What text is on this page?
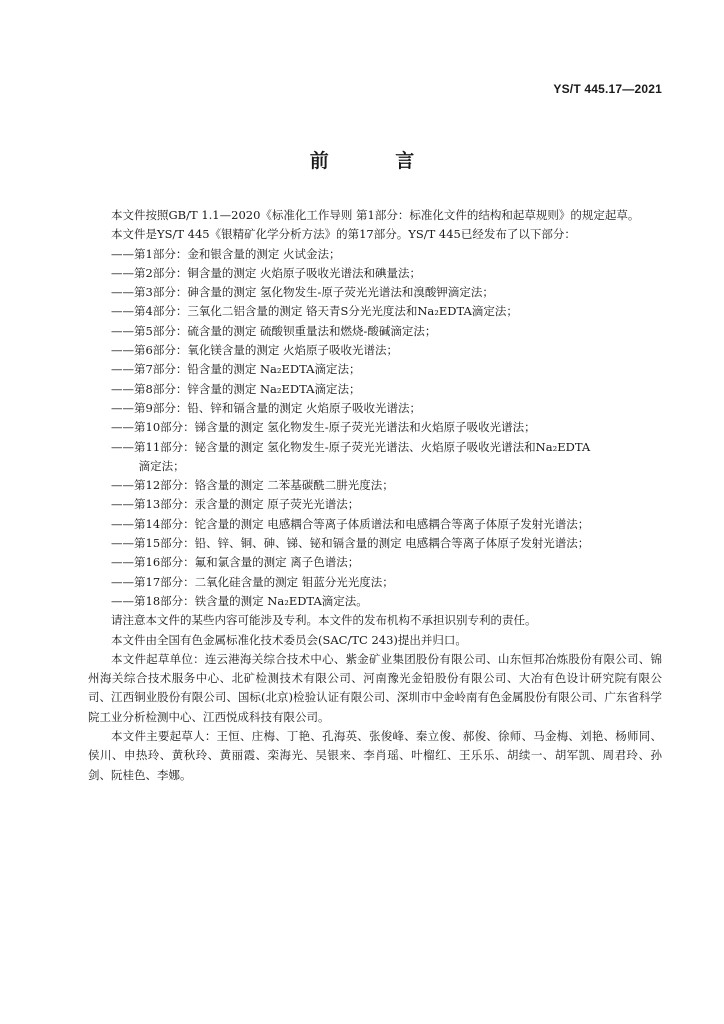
YS/T 445.17—2021
前 言

本文件按照GB/T 1.1—2020《标准化工作导则 第1部分：标准化文件的结构和起草规则》的规定起草。

本文件是YS/T 445《银精矿化学分析方法》的第17部分。YS/T 445已经发布了以下部分：

——第1部分：金和银含量的测定 火试金法；

——第2部分：铜含量的测定 火焰原子吸收光谱法和碘量法；

——第3部分：砷含量的测定 氢化物发生-原子荧光光谱法和溴酸钾滴定法；

——第4部分：三氧化二铝含量的测定 铬天青S分光光度法和Na₂EDTA滴定法；

——第5部分：硫含量的测定 硫酸钡重量法和燃烧-酸碱滴定法；

——第6部分：氧化镁含量的测定 火焰原子吸收光谱法；

——第7部分：铅含量的测定 Na₂EDTA滴定法；

——第8部分：锌含量的测定 Na₂EDTA滴定法；

——第9部分：铅、锌和镉含量的测定 火焰原子吸收光谱法；

——第10部分：锑含量的测定 氢化物发生-原子荧光光谱法和火焰原子吸收光谱法；

——第11部分：铋含量的测定 氢化物发生-原子荧光光谱法、火焰原子吸收光谱法和Na₂EDTA

滴定法；

——第12部分：铬含量的测定 二苯基碳酰二肼光度法；

——第13部分：汞含量的测定 原子荧光光谱法；

——第14部分：铊含量的测定 电感耦合等离子体质谱法和电感耦合等离子体原子发射光谱法；

——第15部分：铅、锌、铜、砷、锑、铋和镉含量的测定 电感耦合等离子体原子发射光谱法；

——第16部分：氟和氯含量的测定 离子色谱法；

——第17部分：二氧化硅含量的测定 钼蓝分光光度法；

——第18部分：铁含量的测定 Na₂EDTA滴定法。

请注意本文件的某些内容可能涉及专利。本文件的发布机构不承担识别专利的责任。

本文件由全国有色金属标准化技术委员会(SAC/TC 243)提出并归口。

本文件起草单位：连云港海关综合技术中心、紫金矿业集团股份有限公司、山东恒邦冶炼股份有限公司、锦州海关综合技术服务中心、北矿检测技术有限公司、河南豫光金铅股份有限公司、大冶有色设计研究院有限公司、江西铜业股份有限公司、国标(北京)检验认证有限公司、深圳市中金岭南有色金属股份有限公司、广东省科学院工业分析检测中心、江西悦成科技有限公司。

本文件主要起草人：王恒、庄梅、丁艳、孔海英、张俊峰、秦立俊、郝俊、徐师、马金梅、刘艳、杨师同、侯川、申热玲、黄秋玲、黄丽霞、栾海光、吴银来、李肖瑶、叶榴红、王乐乐、胡续一、胡军凯、周君玲、孙剑、阮桂色、李娜。
